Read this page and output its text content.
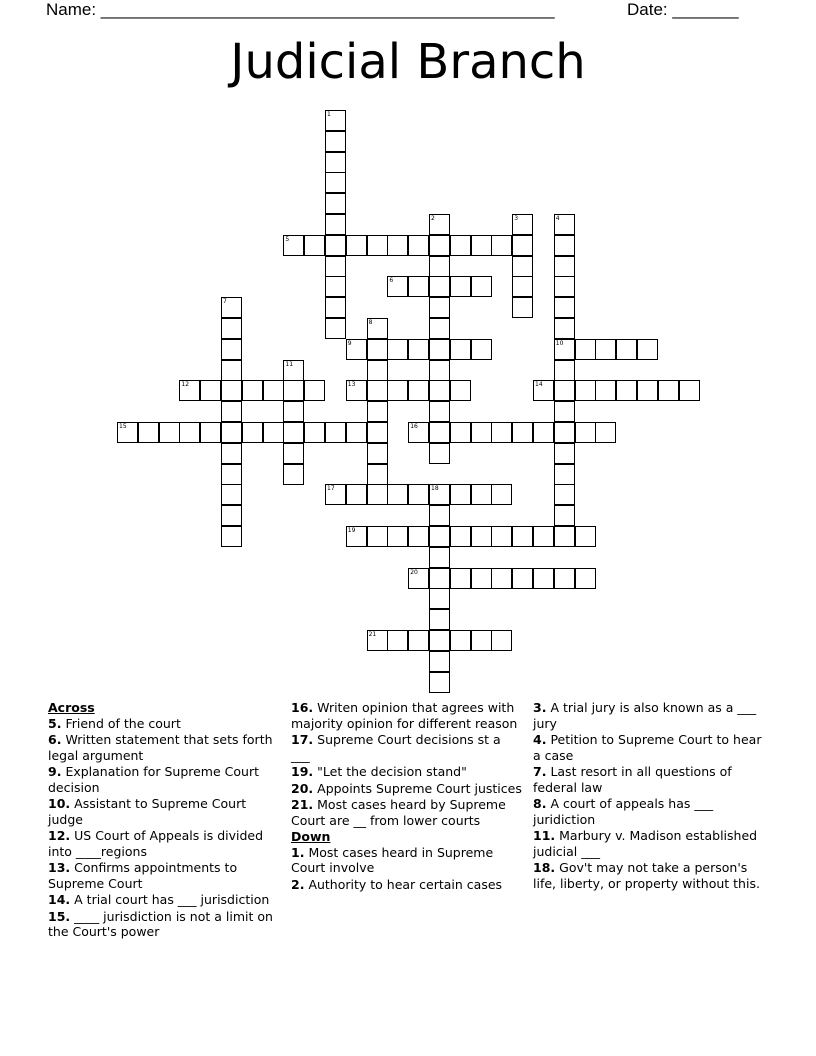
Name: ________________________________________________	Date: _______
Judicial Branch
1
2	3	4
10
5
6
7
8
9
11
12	13	14
15	16
17	18
19
20
21
Across
5. Friend of the court
6. Written statement that sets forth legal argument
9. Explanation for Supreme Court decision
10. Assistant to Supreme Court judge
12. US Court of Appeals is divided into ____regions
13. Confirms appointments to Supreme Court
14. A trial court has ___ jurisdiction
15. ____ jurisdiction is not a limit on the Court's power
16. Writen opinion that agrees with majority opinion for different reason
17. Supreme Court decisions st a ___
19. "Let the decision stand"
20. Appoints Supreme Court justices
21. Most cases heard by Supreme Court are __ from lower courts
Down
1. Most cases heard in Supreme Court involve
2. Authority to hear certain cases
3. A trial jury is also known as a ___ jury
4. Petition to Supreme Court to hear a case
7. Last resort in all questions of federal law
8. A court of appeals has ___ juridiction
11. Marbury v. Madison established judicial ___
18. Gov't may not take a person's life, liberty, or property without this.
